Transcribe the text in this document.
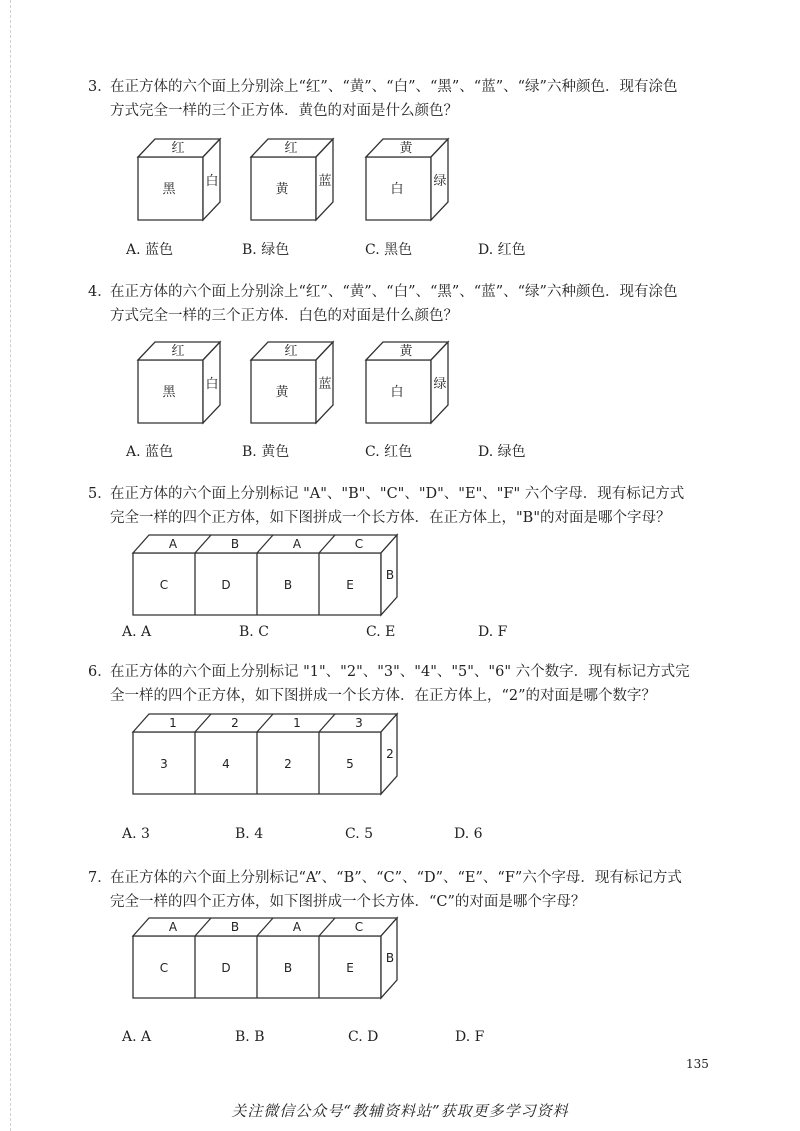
3．在正方体的六个面上分别涂上“红”、“黄”、“白”、“黑”、“蓝”、“绿”六种颜色．现有涂色
方式完全一样的三个正方体．黄色的对面是什么颜色？
红
黑
白
红
黄
蓝
黄
白
绿
A. 蓝色	B. 绿色	C. 黑色	D. 红色
4．在正方体的六个面上分别涂上“红”、“黄”、“白”、“黑”、“蓝”、“绿”六种颜色．现有涂色
方式完全一样的三个正方体．白色的对面是什么颜色？
红
黑
白
红
黄
蓝
黄
白
绿
A. 蓝色	B. 黄色	C. 红色	D. 绿色
5．在正方体的六个面上分别标记 "A"、"B"、"C"、"D"、"E"、"F" 六个字母．现有标记方式
完全一样的四个正方体，如下图拼成一个长方体．在正方体上，"B"的对面是哪个字母？
A	B	A	C
C	D	B	E
B
A. A	B. C	C. E	D. F
6．在正方体的六个面上分别标记 "1"、"2"、"3"、"4"、"5"、"6" 六个数字．现有标记方式完
全一样的四个正方体，如下图拼成一个长方体．在正方体上，“2”的对面是哪个数字？
1	2	1	3
3	4	2	5
2
A. 3	B. 4	C. 5	D. 6
7．在正方体的六个面上分别标记“A”、“B”、“C”、“D”、“E”、“F”六个字母．现有标记方式
完全一样的四个正方体，如下图拼成一个长方体．“C”的对面是哪个字母？
A	B	A	C
C	D	B	E
B
A. A	B. B	C. D	D. F
135
关注微信公众号“教辅资料站”获取更多学习资料
